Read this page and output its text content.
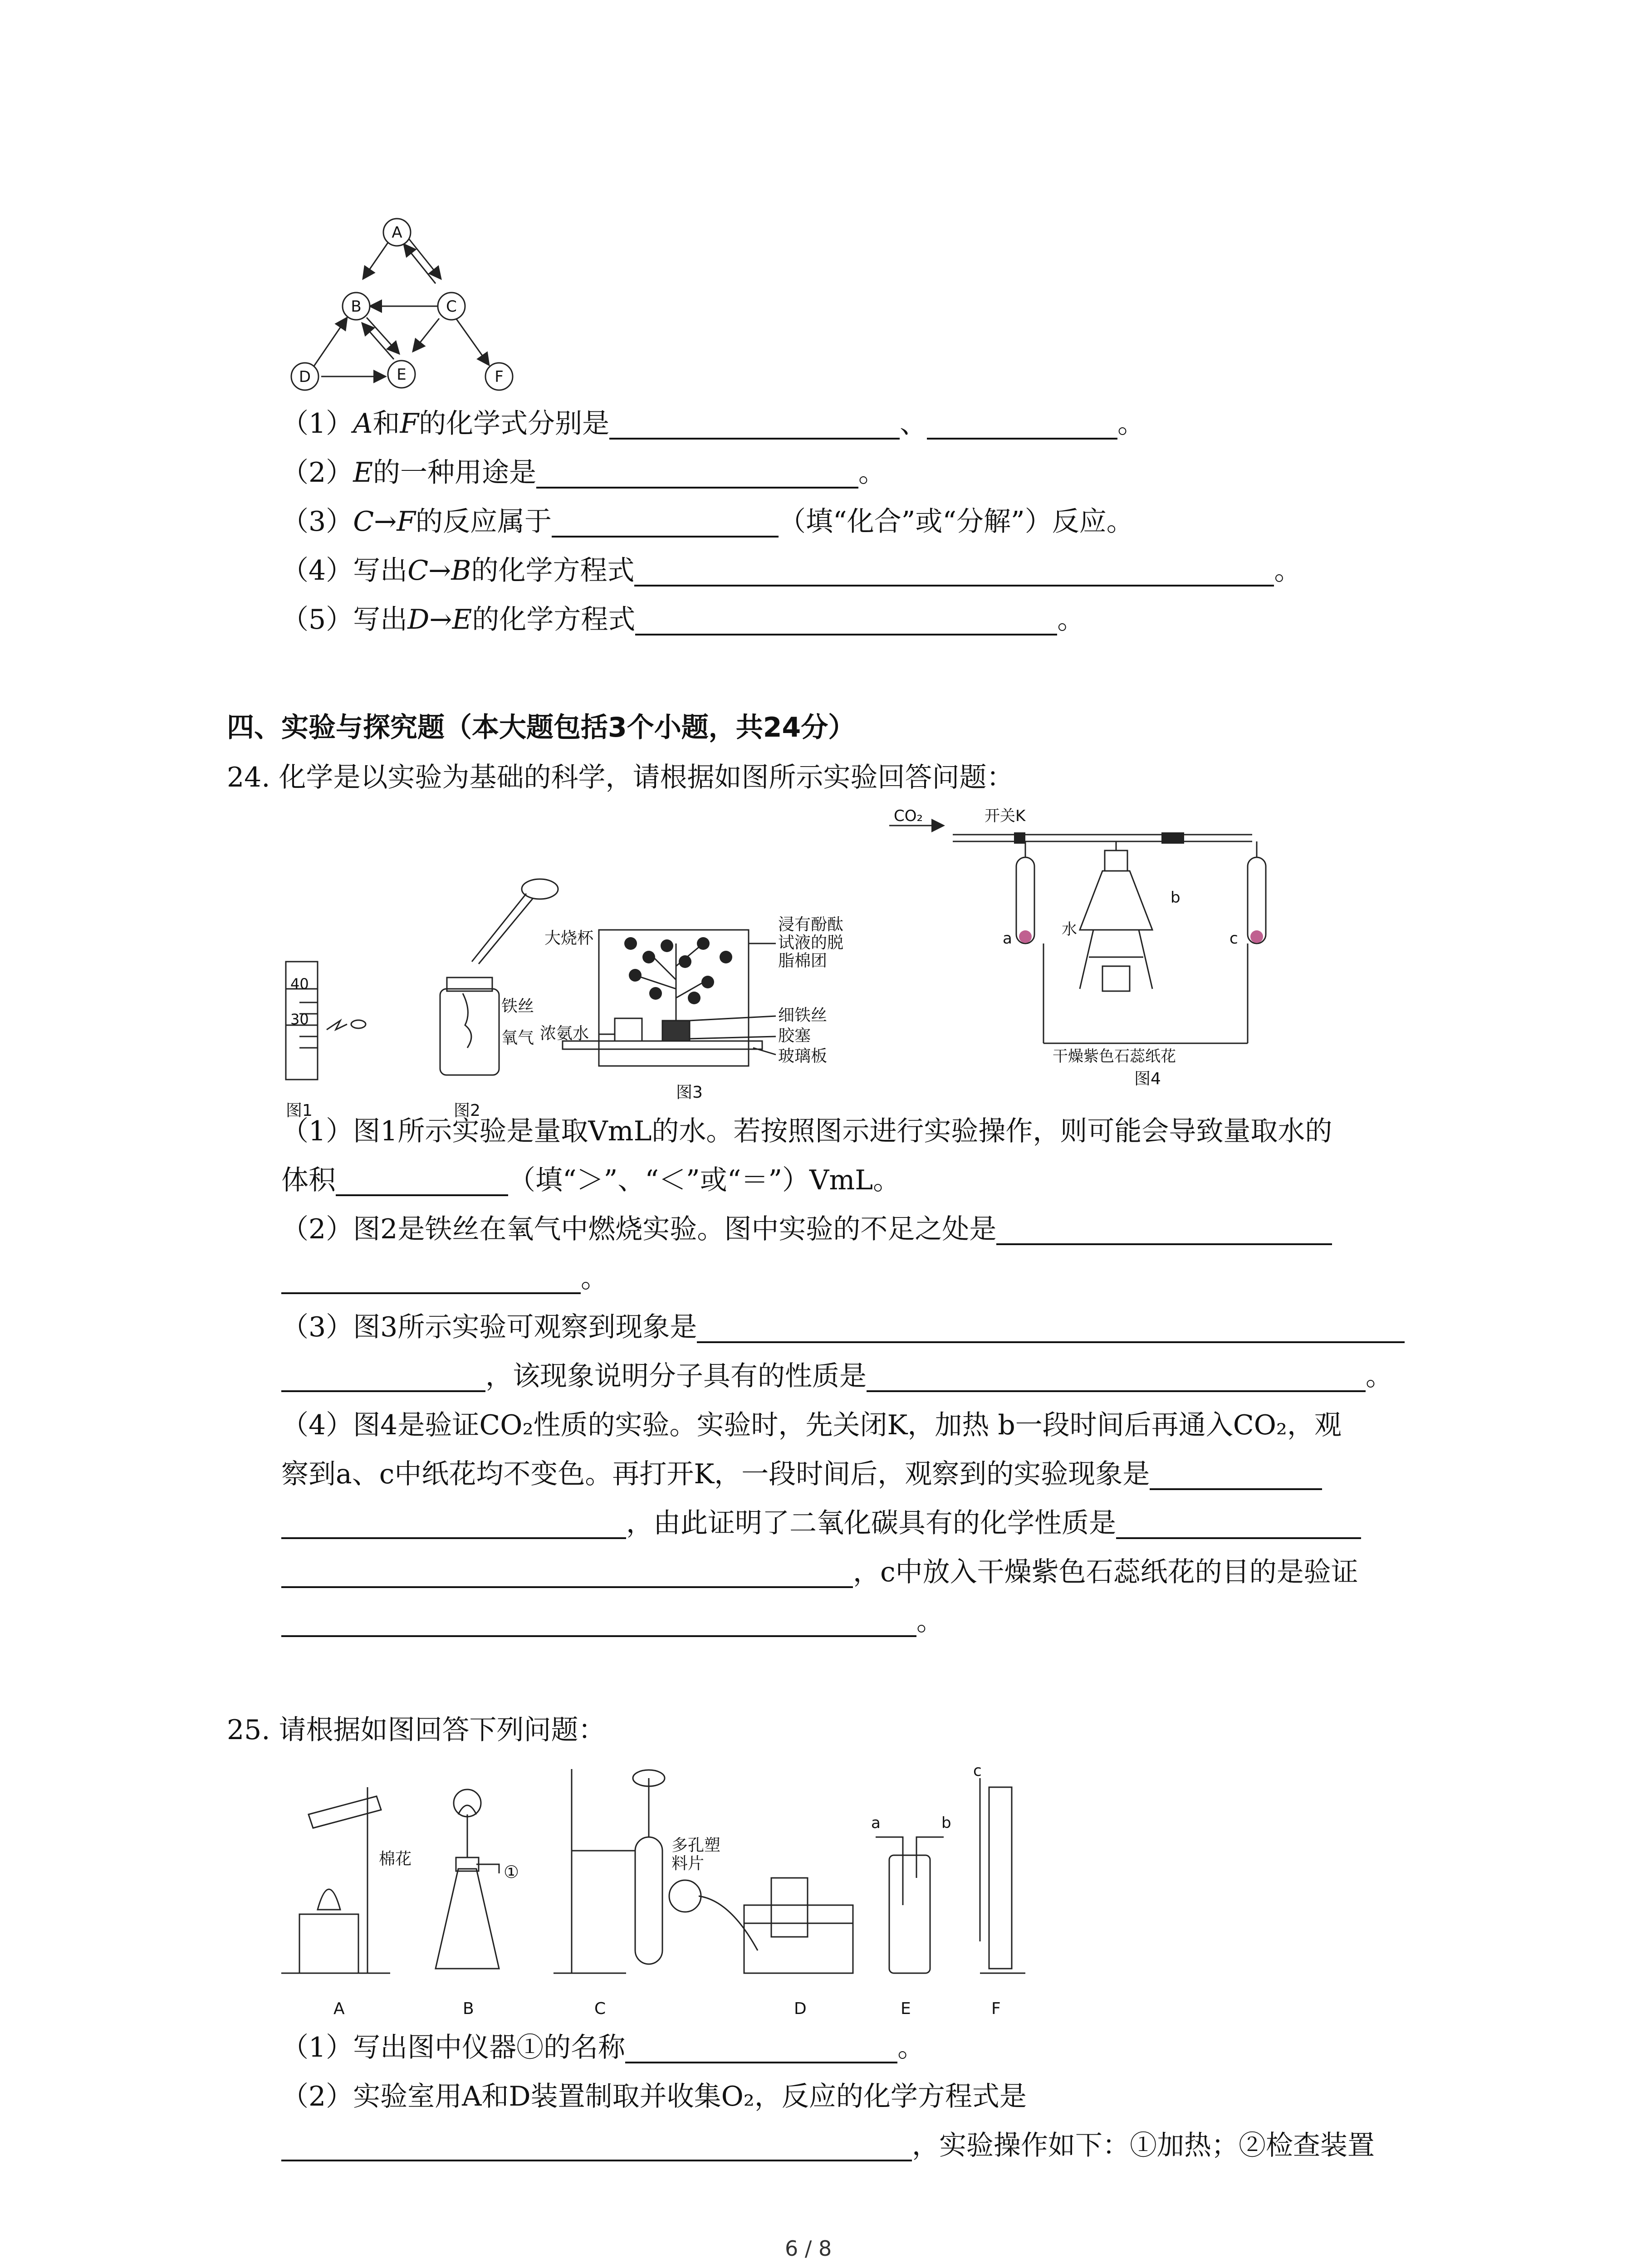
A
B	C
D	E	F
（1）A和F的化学式分别是	、	。
（2）E的一种用途是	。
（3）C→F的反应属于	（填“化合”或“分解”）反应。
（4）写出C→B的化学方程式	。
（5）写出D→E的化学方程式	。
四、实验与探究题（本大题包括3个小题，共24分）
24. 化学是以实验为基础的科学，请根据如图所示实验回答问题：
40
30
图1
铁丝
氧气
图2
大烧杯
浸有酚酞
试液的脱
脂棉团
细铁丝
浓氨水	胶塞
玻璃板
图3
CO₂	开关K
a
b
c
水
干燥紫色石蕊纸花
图4
（1）图1所示实验是量取VmL的水。若按照图示进行实验操作，则可能会导致量取水的
体积	（填“＞”、“＜”或“＝”）VmL。
（2）图2是铁丝在氧气中燃烧实验。图中实验的不足之处是
。
（3）图3所示实验可观察到现象是
，该现象说明分子具有的性质是	。
（4）图4是验证CO₂性质的实验。实验时，先关闭K，加热 b一段时间后再通入CO₂，观
察到a、c中纸花均不变色。再打开K，一段时间后，观察到的实验现象是
，由此证明了二氧化碳具有的化学性质是
，c中放入干燥紫色石蕊纸花的目的是验证
。
25. 请根据如图回答下列问题：
棉花
①
多孔塑
料片
A	B	C	D	E	F
a	b
c
（1）写出图中仪器①的名称	。
（2）实验室用A和D装置制取并收集O₂，反应的化学方程式是
，实验操作如下：①加热；②检查装置
6 / 8
